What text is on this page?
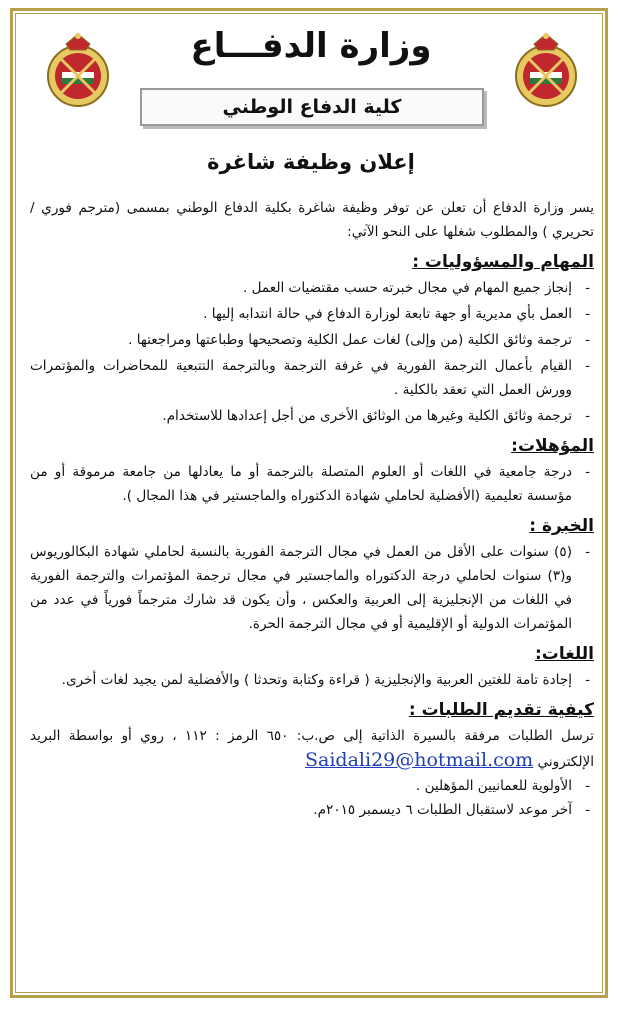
وزارة الدفـــاع
كلية الدفاع الوطني
إعلان وظيفة شاغرة

يسر وزارة الدفاع أن تعلن عن توفر وظيفة شاغرة بكلية الدفاع الوطني بمسمى (مترجم فوري / تحريري ) والمطلوب شغلها على النحو الآتي:

المهام والمسؤوليات :
- إنجاز جميع المهام في مجال خبرته حسب مقتضيات العمل .
- العمل بأي مديرية أو جهة تابعة لوزارة الدفاع في حالة انتدابه إليها .
- ترجمة وثائق الكلية (من وإلى) لغات عمل الكلية وتصحيحها وطباعتها ومراجعتها .
- القيام بأعمال الترجمة الفورية في غرفة الترجمة وبالترجمة التتبعية للمحاضرات والمؤتمرات وورش العمل التي تعقد بالكلية .
- ترجمة وثائق الكلية وغيرها من الوثائق الأخرى من أجل إعدادها للاستخدام.
المؤهلات:
- درجة جامعية في اللغات أو العلوم المتصلة بالترجمة أو ما يعادلها من جامعة مرموقة أو من مؤسسة تعليمية (الأفضلية لحاملي شهادة الدكتوراه والماجستير في هذا المجال ).
الخبرة :
- (٥) سنوات على الأقل من العمل في مجال الترجمة الفورية بالنسبة لحاملي شهادة البكالوريوس و(٣) سنوات لحاملي درجة الدكتوراه والماجستير في مجال ترجمة المؤتمرات والترجمة الفورية في اللغات من الإنجليزية إلى العربية والعكس ، وأن يكون قد شارك مترجماً فورياً في عدد من المؤتمرات الدولية أو الإقليمية أو في مجال الترجمة الحرة.
اللغات:
- إجادة تامة للغتين العربية والإنجليزية ( قراءة وكتابة وتحدثا ) والأفضلية لمن يجيد لغات أخرى.
كيفية تقديم الطلبات :

ترسل الطلبات مرفقة بالسيرة الذاتية إلى ص.ب: ٦٥٠ الرمز : ١١٢ ، روي أو بواسطة البريد الإلكتروني Saidali29@hotmail.com

- الأولوية للعمانيين المؤهلين .
- آخر موعد لاستقبال الطلبات ٦ ديسمبر ٢٠١٥م.
